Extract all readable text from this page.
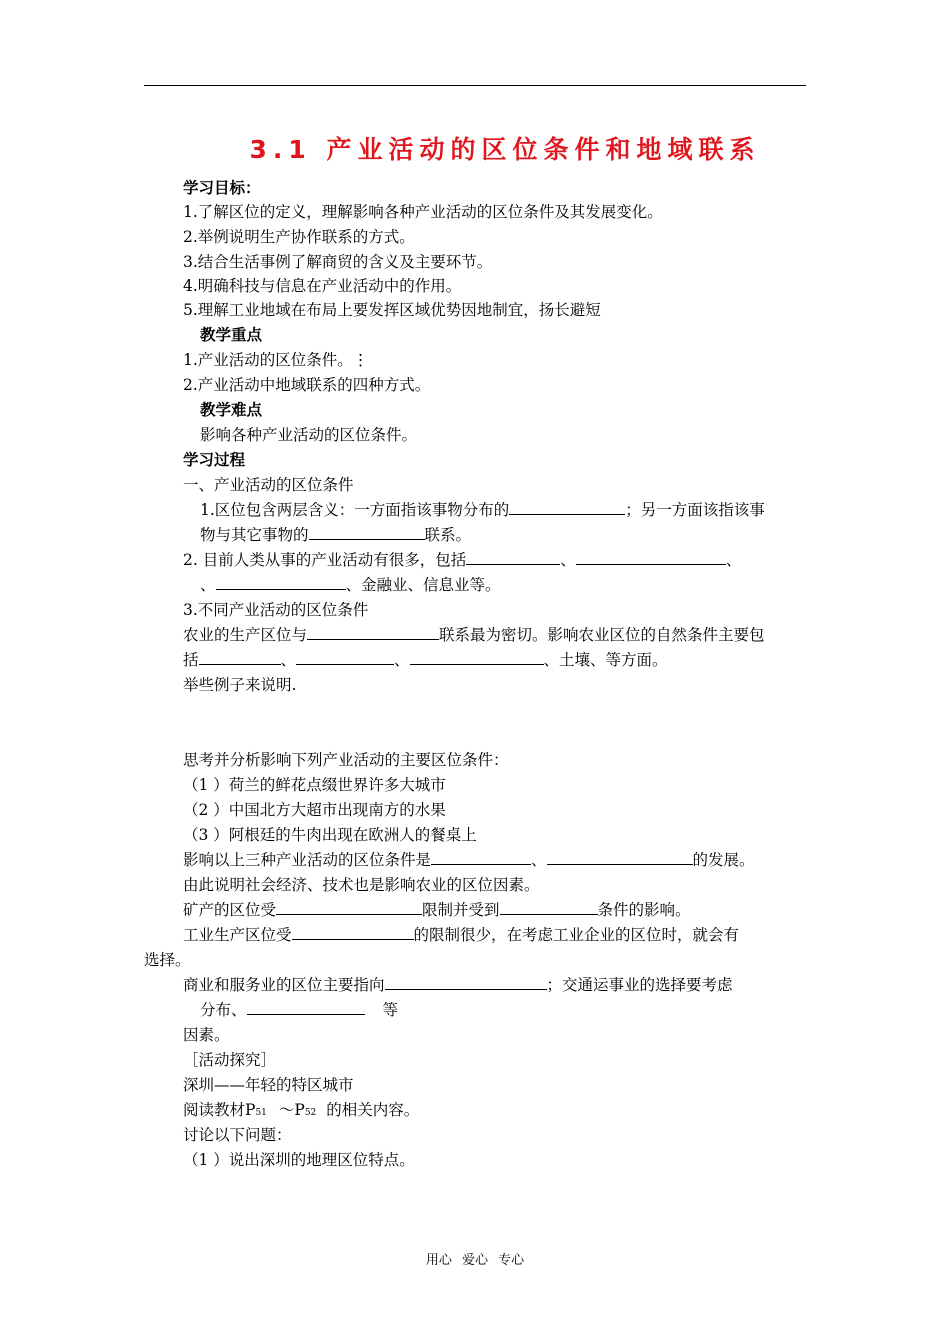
3.1 产业活动的区位条件和地域联系
学习目标：
1.了解区位的定义，理解影响各种产业活动的区位条件及其发展变化。
2.举例说明生产协作联系的方式。
3.结合生活事例了解商贸的含义及主要环节。
4.明确科技与信息在产业活动中的作用。
5.理解工业地域在布局上要发挥区域优势因地制宜，扬长避短
教学重点
1.产业活动的区位条件。⋮
2.产业活动中地域联系的四种方式。
教学难点
影响各种产业活动的区位条件。
学习过程
一、产业活动的区位条件
1.区位包含两层含义：一方面指该事物分布的	；另一方面该指该事
物与其它事物的	联系。
2. 目前人类从事的产业活动有很多，包括	、	、
、	、金融业、信息业等。
3.不同产业活动的区位条件
农业的生产区位与	联系最为密切。影响农业区位的自然条件主要包
括	、	、	、土壤、等方面。
举些例子来说明.
思考并分析影响下列产业活动的主要区位条件：
（1 ）荷兰的鲜花点缀世界许多大城市
（2 ）中国北方大超市出现南方的水果
（3 ）阿根廷的牛肉出现在欧洲人的餐桌上
影响以上三种产业活动的区位条件是	、	的发展。
由此说明社会经济、技术也是影响农业的区位因素。
矿产的区位受	限制并受到	条件的影响。
工业生产区位受	的限制很少，在考虑工业企业的区位时，就会有
选择。
商业和服务业的区位主要指向	；交通运事业的选择要考虑
分布、	等
因素。
［活动探究］
深圳——年轻的特区城市
阅读教材P51 ～P52 的相关内容。
讨论以下问题：
（1 ）说出深圳的地理区位特点。
用心 爱心 专心
